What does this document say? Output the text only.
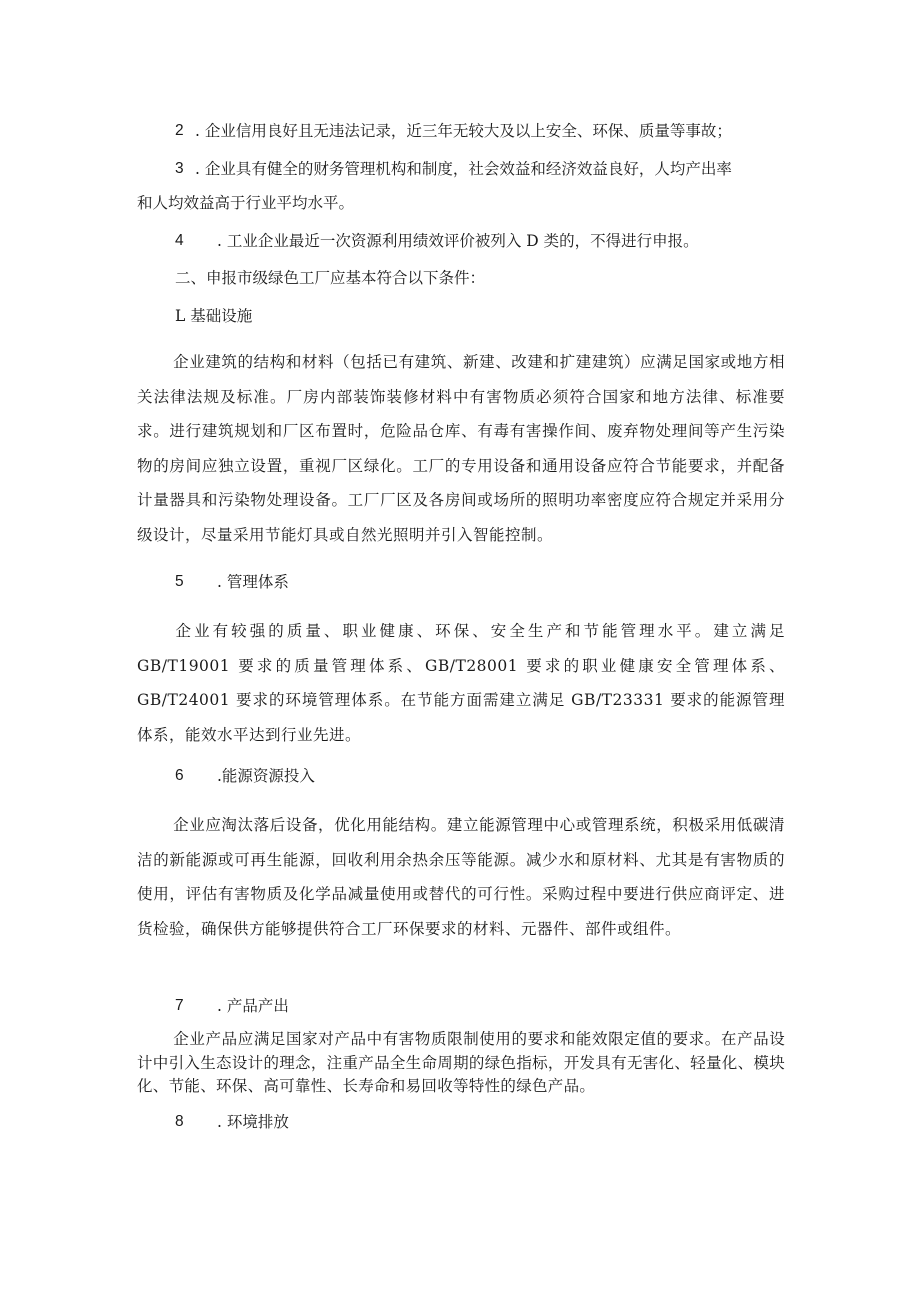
2 . 企业信用良好且无违法记录，近三年无较大及以上安全、环保、质量等事故；
3 . 企业具有健全的财务管理机构和制度，社会效益和经济效益良好，人均产出率
和人均效益高于行业平均水平。
4 . 工业企业最近一次资源利用绩效评价被列入 D 类的，不得进行申报。
二、申报市级绿色工厂应基本符合以下条件：
L 基础设施
企业建筑的结构和材料（包括已有建筑、新建、改建和扩建建筑）应满足国家或地方相关法律法规及标准。厂房内部装饰装修材料中有害物质必须符合国家和地方法律、标准要求。进行建筑规划和厂区布置时，危险品仓库、有毒有害操作间、废弃物处理间等产生污染物的房间应独立设置，重视厂区绿化。工厂的专用设备和通用设备应符合节能要求，并配备计量器具和污染物处理设备。工厂厂区及各房间或场所的照明功率密度应符合规定并采用分级设计，尽量采用节能灯具或自然光照明并引入智能控制。
5 . 管理体系
企业有较强的质量、职业健康、环保、安全生产和节能管理水平。建立满足 GB/T19001 要求的质量管理体系、GB/T28001 要求的职业健康安全管理体系、GB/T24001 要求的环境管理体系。在节能方面需建立满足 GB/T23331 要求的能源管理体系，能效水平达到行业先进。
6 .能源资源投入
企业应淘汰落后设备，优化用能结构。建立能源管理中心或管理系统，积极采用低碳清洁的新能源或可再生能源，回收利用余热余压等能源。减少水和原材料、尤其是有害物质的使用，评估有害物质及化学品减量使用或替代的可行性。采购过程中要进行供应商评定、进货检验，确保供方能够提供符合工厂环保要求的材料、元器件、部件或组件。
7 . 产品产出
企业产品应满足国家对产品中有害物质限制使用的要求和能效限定值的要求。在产品设计中引入生态设计的理念，注重产品全生命周期的绿色指标，开发具有无害化、轻量化、模块化、节能、环保、高可靠性、长寿命和易回收等特性的绿色产品。
8 . 环境排放
